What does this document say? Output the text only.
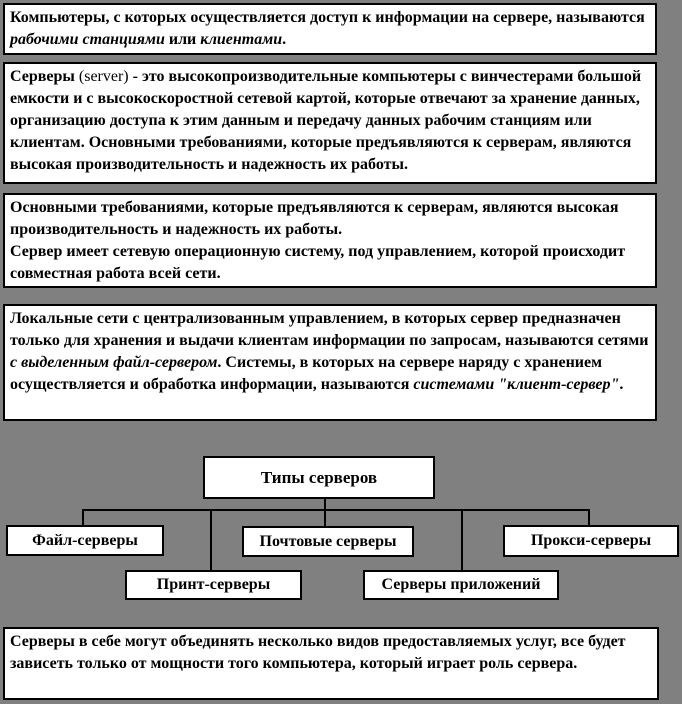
Компьютеры, с которых осуществляется доступ к информации на сервере, называются рабочими станциями или клиентами.

Серверы (server) - это высокопроизводительные компьютеры с винчестерами большой емкости и с высокоскоростной сетевой картой, которые отвечают за хранение данных, организацию доступа к этим данным и передачу данных рабочим станциям или клиентам. Основными требованиями, которые предъявляются к серверам, являются высокая производительность и надежность их работы.

Основными требованиями, которые предъявляются к серверам, являются высокая производительность и надежность их работы.

Сервер имеет сетевую операционную систему, под управлением, которой происходит совместная работа всей сети.

Локальные сети с централизованным управлением, в которых сервер предназначен только для хранения и выдачи клиентам информации по запросам, называются сетями с выделенным файл-сервером. Системы, в которых на сервере наряду с хранением осуществляется и обработка информации, называются системами "клиент-сервер".

Типы серверов
Файл-серверы	Почтовые серверы	Прокси-серверы
Принт-серверы	Серверы приложений

Серверы в себе могут объединять несколько видов предоставляемых услуг, все будет зависеть только от мощности того компьютера, который играет роль сервера.
